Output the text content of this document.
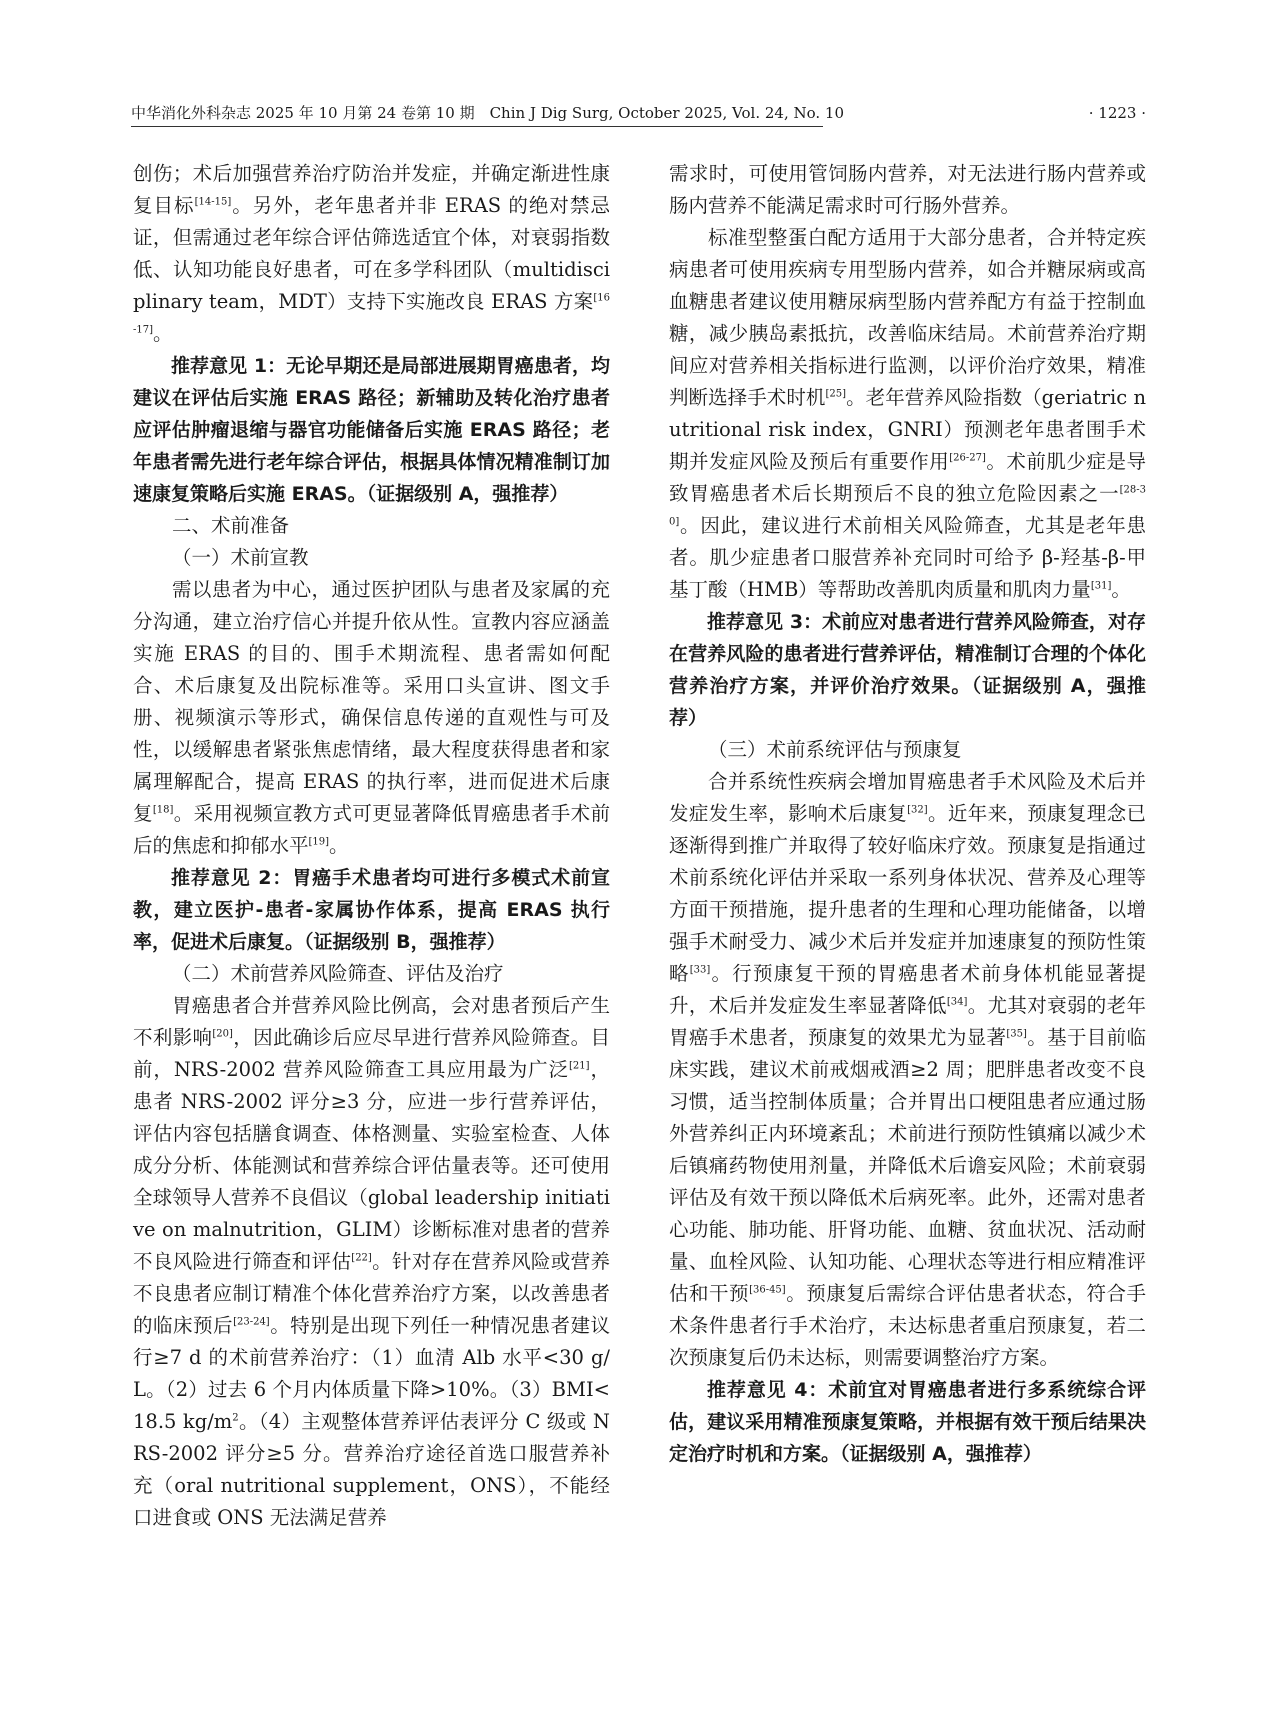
中华消化外科杂志 2025 年 10 月第 24 卷第 10 期　Chin J Dig Surg, October 2025, Vol. 24, No. 10	· 1223 ·

创伤；术后加强营养治疗防治并发症，并确定渐进性康复目标[14-15]。另外，老年患者并非 ERAS 的绝对禁忌证，但需通过老年综合评估筛选适宜个体，对衰弱指数低、认知功能良好患者，可在多学科团队（multidisciplinary team，MDT）支持下实施改良 ERAS 方案[16-17]。

推荐意见 1：无论早期还是局部进展期胃癌患者，均建议在评估后实施 ERAS 路径；新辅助及转化治疗患者应评估肿瘤退缩与器官功能储备后实施 ERAS 路径；老年患者需先进行老年综合评估，根据具体情况精准制订加速康复策略后实施 ERAS。（证据级别 A，强推荐）

二、术前准备

（一）术前宣教

需以患者为中心，通过医护团队与患者及家属的充分沟通，建立治疗信心并提升依从性。宣教内容应涵盖实施 ERAS 的目的、围手术期流程、患者需如何配合、术后康复及出院标准等。采用口头宣讲、图文手册、视频演示等形式，确保信息传递的直观性与可及性，以缓解患者紧张焦虑情绪，最大程度获得患者和家属理解配合，提高 ERAS 的执行率，进而促进术后康复[18]。采用视频宣教方式可更显著降低胃癌患者手术前后的焦虑和抑郁水平[19]。

推荐意见 2：胃癌手术患者均可进行多模式术前宣教，建立医护-患者-家属协作体系，提高 ERAS 执行率，促进术后康复。（证据级别 B，强推荐）

（二）术前营养风险筛查、评估及治疗

胃癌患者合并营养风险比例高，会对患者预后产生不利影响[20]，因此确诊后应尽早进行营养风险筛查。目前，NRS-2002 营养风险筛查工具应用最为广泛[21]，患者 NRS-2002 评分≥3 分，应进一步行营养评估，评估内容包括膳食调查、体格测量、实验室检查、人体成分分析、体能测试和营养综合评估量表等。还可使用全球领导人营养不良倡议（global leadership initiative on malnutrition，GLIM）诊断标准对患者的营养不良风险进行筛查和评估[22]。针对存在营养风险或营养不良患者应制订精准个体化营养治疗方案，以改善患者的临床预后[23-24]。特别是出现下列任一种情况患者建议行≥7 d 的术前营养治疗：（1）血清 Alb 水平<30 g/L。（2）过去 6 个月内体质量下降>10%。（3）BMI<18.5 $kg/m^2$。（4）主观整体营养评估表评分 C 级或 NRS-2002 评分≥5 分。营养治疗途径首选口服营养补充（oral nutritional supplement，ONS），不能经口进食或 ONS 无法满足营养

需求时，可使用管饲肠内营养，对无法进行肠内营养或肠内营养不能满足需求时可行肠外营养。

标准型整蛋白配方适用于大部分患者，合并特定疾病患者可使用疾病专用型肠内营养，如合并糖尿病或高血糖患者建议使用糖尿病型肠内营养配方有益于控制血糖，减少胰岛素抵抗，改善临床结局。术前营养治疗期间应对营养相关指标进行监测，以评价治疗效果，精准判断选择手术时机[25]。老年营养风险指数（geriatric nutritional risk index，GNRI）预测老年患者围手术期并发症风险及预后有重要作用[26-27]。术前肌少症是导致胃癌患者术后长期预后不良的独立危险因素之一[28-30]。因此，建议进行术前相关风险筛查，尤其是老年患者。肌少症患者口服营养补充同时可给予 β-羟基-β-甲基丁酸（HMB）等帮助改善肌肉质量和肌肉力量[31]。

推荐意见 3：术前应对患者进行营养风险筛查，对存在营养风险的患者进行营养评估，精准制订合理的个体化营养治疗方案，并评价治疗效果。（证据级别 A，强推荐）

（三）术前系统评估与预康复

合并系统性疾病会增加胃癌患者手术风险及术后并发症发生率，影响术后康复[32]。近年来，预康复理念已逐渐得到推广并取得了较好临床疗效。预康复是指通过术前系统化评估并采取一系列身体状况、营养及心理等方面干预措施，提升患者的生理和心理功能储备，以增强手术耐受力、减少术后并发症并加速康复的预防性策略[33]。行预康复干预的胃癌患者术前身体机能显著提升，术后并发症发生率显著降低[34]。尤其对衰弱的老年胃癌手术患者，预康复的效果尤为显著[35]。基于目前临床实践，建议术前戒烟戒酒≥2 周；肥胖患者改变不良习惯，适当控制体质量；合并胃出口梗阻患者应通过肠外营养纠正内环境紊乱；术前进行预防性镇痛以减少术后镇痛药物使用剂量，并降低术后谵妄风险；术前衰弱评估及有效干预以降低术后病死率。此外，还需对患者心功能、肺功能、肝肾功能、血糖、贫血状况、活动耐量、血栓风险、认知功能、心理状态等进行相应精准评估和干预[36-45]。预康复后需综合评估患者状态，符合手术条件患者行手术治疗，未达标患者重启预康复，若二次预康复后仍未达标，则需要调整治疗方案。

推荐意见 4：术前宜对胃癌患者进行多系统综合评估，建议采用精准预康复策略，并根据有效干预后结果决定治疗时机和方案。（证据级别 A，强推荐）
